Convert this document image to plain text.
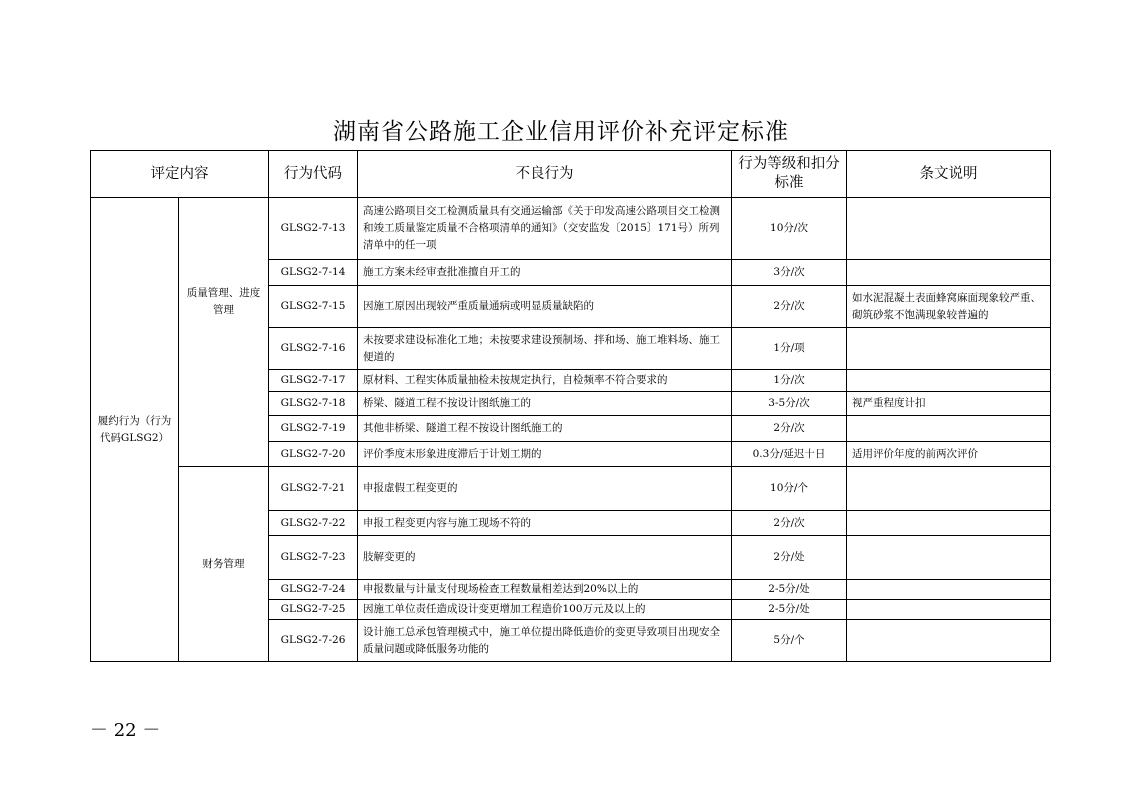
湖南省公路施工企业信用评价补充评定标准
评定内容		行为代码	不良行为	行为等级和扣分标准	条文说明
履约行为（行为代码GLSG2）	质量管理、进度管理	GLSG2-7-13	高速公路项目交工检测质量具有交通运输部《关于印发高速公路项目交工检测和竣工质量鉴定质量不合格项清单的通知》（交安监发〔2015〕171号）所列清单中的任一项	10分/次	
		GLSG2-7-14	施工方案未经审查批准擅自开工的	3分/次	
		GLSG2-7-15	因施工原因出现较严重质量通病或明显质量缺陷的	2分/次	如水泥混凝土表面蜂窝麻面现象较严重、砌筑砂浆不饱满现象较普遍的
		GLSG2-7-16	未按要求建设标准化工地；未按要求建设预制场、拌和场、施工堆料场、施工便道的	1分/项	
		GLSG2-7-17	原材料、工程实体质量抽检未按规定执行，自检频率不符合要求的	1分/次	
		GLSG2-7-18	桥梁、隧道工程不按设计图纸施工的	3-5分/次	视严重程度计扣
		GLSG2-7-19	其他非桥梁、隧道工程不按设计图纸施工的	2分/次	
		GLSG2-7-20	评价季度末形象进度滞后于计划工期的	0.3分/延迟十日	适用评价年度的前两次评价
	财务管理	GLSG2-7-21	申报虚假工程变更的	10分/个	
		GLSG2-7-22	申报工程变更内容与施工现场不符的	2分/次	
		GLSG2-7-23	肢解变更的	2分/处	
		GLSG2-7-24	申报数量与计量支付现场检查工程数量相差达到20%以上的	2-5分/处	
		GLSG2-7-25	因施工单位责任造成设计变更增加工程造价100万元及以上的	2-5分/处	
		GLSG2-7-26	设计施工总承包管理模式中，施工单位提出降低造价的变更导致项目出现安全质量问题或降低服务功能的	5分/个	
－ 22 －
